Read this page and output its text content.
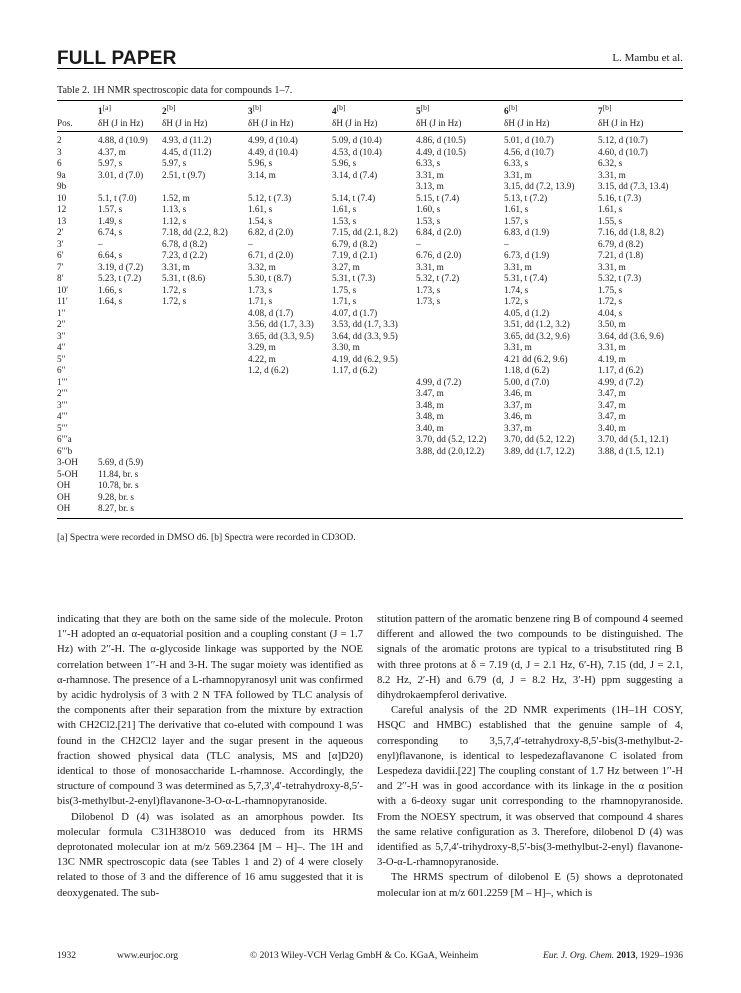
FULL PAPER	L. Mambu et al.
Table 2. 1H NMR spectroscopic data for compounds 1–7.
	1[a]	2[b]	3[b]	4[b]	5[b]	6[b]	7[b]
Pos.	δH (J in Hz)	δH (J in Hz)	δH (J in Hz)	δH (J in Hz)	δH (J in Hz)	δH (J in Hz)	δH (J in Hz)
2	4.88, d (10.9)	4.93, d (11.2)	4.99, d (10.4)	5.09, d (10.4)	4.86, d (10.5)	5.01, d (10.7)	5.12, d (10.7)
3	4.37, m	4.45, d (11.2)	4.49, d (10.4)	4.53, d (10.4)	4.49, d (10.5)	4.56, d (10.7)	4.60, d (10.7)
6	5.97, s	5.97, s	5.96, s	5.96, s	6.33, s	6.33, s	6.32, s
9a	3.01, d (7.0)	2.51, t (9.7)	3.14, m	3.14, d (7.4)	3.31, m	3.31, m	3.31, m
9b					3.13, m	3.15, dd (7.2, 13.9)	3.15, dd (7.3, 13.4)
10	5.1, t (7.0)	1.52, m	5.12, t (7.3)	5.14, t (7.4)	5.15, t (7.4)	5.13, t (7.2)	5.16, t (7.3)
12	1.57, s	1.13, s	1.61, s	1.61, s	1.60, s	1.61, s	1.61, s
13	1.49, s	1.12, s	1.54, s	1.53, s	1.53, s	1.57, s	1.55, s
2′	6.74, s	7.18, dd (2.2, 8.2)	6.82, d (2.0)	7.15, dd (2.1, 8.2)	6.84, d (2.0)	6.83, d (1.9)	7.16, dd (1.8, 8.2)
3′	–	6.78, d (8.2)	–	6.79, d (8.2)	–	–	6.79, d (8.2)
6′	6.64, s	7.23, d (2.2)	6.71, d (2.0)	7.19, d (2.1)	6.76, d (2.0)	6.73, d (1.9)	7.21, d (1.8)
7′	3.19, d (7.2)	3.31, m	3.32, m	3.27, m	3.31, m	3.31, m	3.31, m
8′	5.23, t (7.2)	5.31, t (8.6)	5.30, t (8.7)	5.31, t (7.3)	5.32, t (7.2)	5.31, t (7.4)	5.32, t (7.3)
10′	1.66, s	1.72, s	1.73, s	1.75, s	1.73, s	1.74, s	1.75, s
11′	1.64, s	1.72, s	1.71, s	1.71, s	1.73, s	1.72, s	1.72, s
1′′			4.08, d (1.7)	4.07, d (1.7)		4.05, d (1.2)	4.04, s
2′′			3.56, dd (1.7, 3.3)	3.53, dd (1.7, 3.3)		3.51, dd (1.2, 3.2)	3.50, m
3′′			3.65, dd (3.3, 9.5)	3.64, dd (3.3, 9.5)		3.65, dd (3.2, 9.6)	3.64, dd (3.6, 9.6)
4′′			3.29, m	3.30, m		3.31, m	3.31, m
5′′			4.22, m	4.19, dd (6.2, 9.5)		4.21 dd (6.2, 9.6)	4.19, m
6′′			1.2, d (6.2)	1.17, d (6.2)		1.18, d (6.2)	1.17, d (6.2)
1′′′					4.99, d (7.2)	5.00, d (7.0)	4.99, d (7.2)
2′′′					3.47, m	3.46, m	3.47, m
3′′′					3.48, m	3.37, m	3.47, m
4′′′					3.48, m	3.46, m	3.47, m
5′′′					3.40, m	3.37, m	3.40, m
6′′′a					3.70, dd (5.2, 12.2)	3.70, dd (5.2, 12.2)	3.70, dd (5.1, 12.1)
6′′′b					3.88, dd (2.0,12.2)	3.89, dd (1.7, 12.2)	3.88, d (1.5, 12.1)
3-OH	5.69, d (5.9)						
5-OH	11.84, br. s						
OH	10.78, br. s						
OH	9.28, br. s						
OH	8.27, br. s						
[a] Spectra were recorded in DMSO d6. [b] Spectra were recorded in CD3OD.

indicating that they are both on the same side of the molecule. Proton 1′′-H adopted an α-equatorial position and a coupling constant (J = 1.7 Hz) with 2′′-H. The α-glycoside linkage was supported by the NOE correlation between 1′′-H and 3-H. The sugar moiety was identified as α-rhamnose. The presence of a L-rhamnopyranosyl unit was confirmed by acidic hydrolysis of 3 with 2 N TFA followed by TLC analysis of the components after their separation from the mixture by extraction with CH2Cl2.[21] The derivative that co-eluted with compound 1 was found in the CH2Cl2 layer and the sugar present in the aqueous fraction showed physical data (TLC analysis, MS and [α]D20) identical to those of monosaccharide L-rhamnose. Accordingly, the structure of compound 3 was determined as 5,7,3′,4′-tetrahydroxy-8,5′-bis(3-methylbut-2-enyl)flavanone-3-O-α-L-rhamnopyranoside.

Dilobenol D (4) was isolated as an amorphous powder. Its molecular formula C31H38O10 was deduced from its HRMS deprotonated molecular ion at m/z 569.2364 [M – H]–. The 1H and 13C NMR spectroscopic data (see Tables 1 and 2) of 4 were closely related to those of 3 and the difference of 16 amu suggested that it is deoxygenated. The sub-

stitution pattern of the aromatic benzene ring B of compound 4 seemed different and allowed the two compounds to be distinguished. The signals of the aromatic protons are typical to a trisubstituted ring B with three protons at δ = 7.19 (d, J = 2.1 Hz, 6′-H), 7.15 (dd, J = 2.1, 8.2 Hz, 2′-H) and 6.79 (d, J = 8.2 Hz, 3′-H) ppm suggesting a dihydrokaempferol derivative.

Careful analysis of the 2D NMR experiments (1H–1H COSY, HSQC and HMBC) established that the genuine sample of 4, corresponding to 3,5,7,4′-tetrahydroxy-8,5′-bis(3-methylbut-2-enyl)flavanone, is identical to lespedezaflavanone C isolated from Lespedeza davidii.[22] The coupling constant of 1.7 Hz between 1′′-H and 2′′-H was in good accordance with its linkage in the α position with a 6-deoxy sugar unit corresponding to the rhamnopyranoside. From the NOESY spectrum, it was observed that compound 4 shares the same relative configuration as 3. Therefore, dilobenol D (4) was identified as 5,7,4′-trihydroxy-8,5′-bis(3-methylbut-2-enyl) flavanone-3-O-α-L-rhamnopyranoside.

The HRMS spectrum of dilobenol E (5) shows a deprotonated molecular ion at m/z 601.2259 [M – H]–, which is

1932	www.eurjoc.org	© 2013 Wiley-VCH Verlag GmbH & Co. KGaA, Weinheim	Eur. J. Org. Chem. 2013, 1929–1936
